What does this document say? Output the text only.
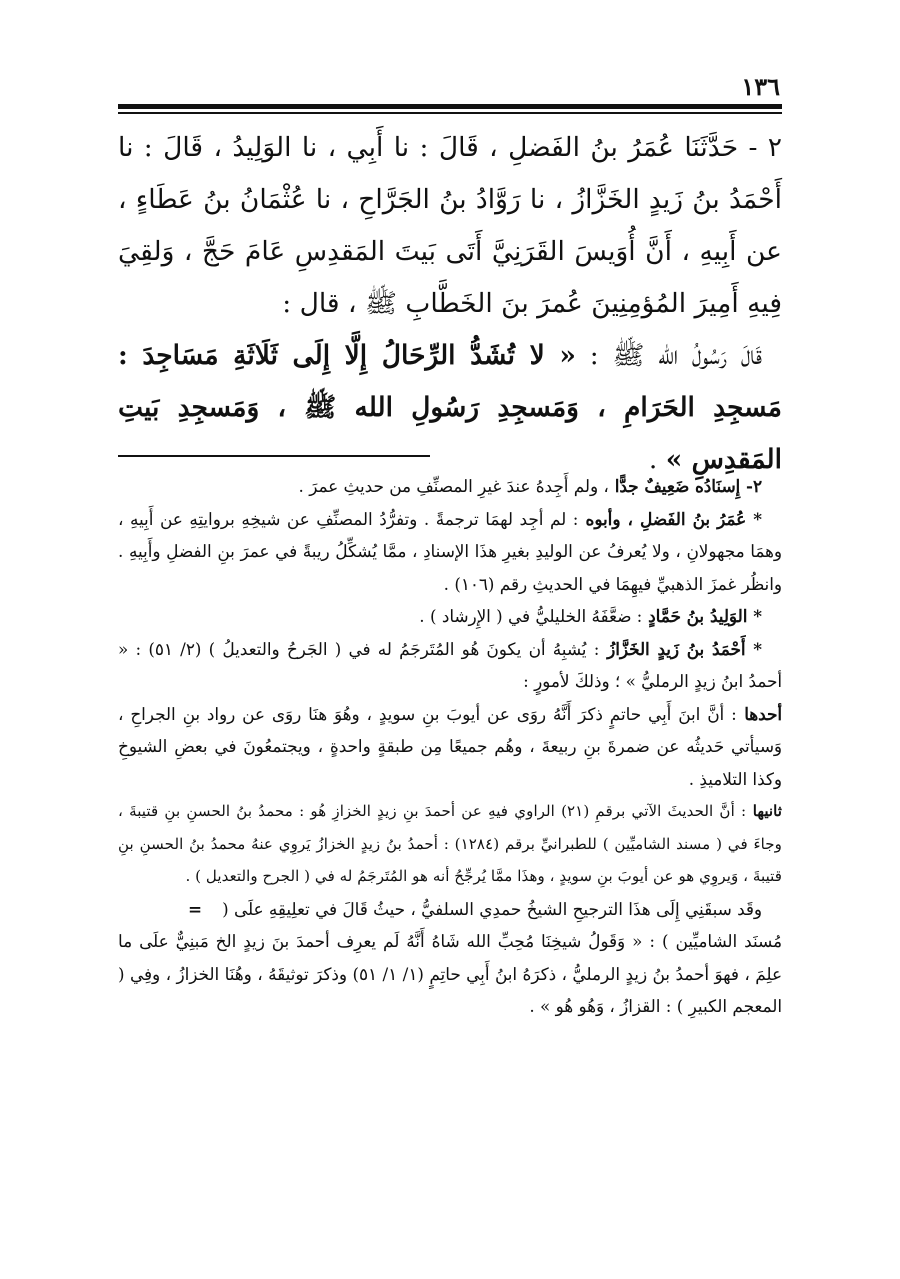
١٣٦

٢ - حَدَّثَنَا عُمَرُ بنُ الفَضلِ ، قَالَ : نا أَبِي ، نا الوَلِيدُ ، قَالَ : نا أَحْمَدُ بنُ زَيدٍ الخَزَّازُ ، نا رَوَّادُ بنُ الجَرَّاحِ ، نا عُثْمَانُ بنُ عَطَاءٍ ، عن أَبِيهِ ، أَنَّ أُوَيسَ القَرَنِيَّ أَتَى بَيتَ المَقدِسِ عَامَ حَجَّ ، وَلقِيَ فِيهِ أَمِيرَ المُؤمِنِينَ عُمرَ بنَ الخَطَّابِ ﷺ ، قال :

قَالَ رَسُولُ الله ﷺ : « لا تُشَدُّ الرِّحَالُ إِلَّا إِلَى ثَلَاثَةِ مَسَاجِدَ : مَسجِدِ الحَرَامِ ، وَمَسجِدِ رَسُولِ الله ﷺ ، وَمَسجِدِ بَيتِ المَقدِسِ » .

٢- إِسنَادُه ضَعِيفٌ جدًّا ، ولم أَجِدهُ عندَ غيرِ المصنِّفِ من حديثِ عمرَ .

* عُمَرُ بنُ الفَضلِ ، وأبوه : لم أجِد لهمَا ترجمةً . وتفرُّدُ المصنِّفِ عن شيخِهِ بروايتِهِ عن أَبِيهِ ، وهمَا مجهولانِ ، ولا يُعرفُ عن الوليدِ بغيرِ هذَا الإسنادِ ، ممَّا يُشكِّلُ ريبةً في عمرَ بنِ الفضلِ وأَبِيهِ . وانظُر غمزَ الذهبيِّ فيهِمَا في الحديثِ رقم (١٠٦) .

* الوَلِيدُ بنُ حَمَّادٍ : ضعَّفَهُ الخليليُّ في ( الإِرشاد ) .

* أَحْمَدُ بنُ زَيدٍ الخَزَّازُ : يُشبِهُ أن يكونَ هُو المُتَرجَمُ له في ( الجَرحُ والتعديلُ ) (٢/ ٥١) : « أحمدُ ابنُ زيدٍ الرمليُّ » ؛ وذلكَ لأمورٍ :

أحدها : أنَّ ابنَ أَبِي حاتمٍ ذكرَ أَنَّهُ روَى عن أيوبَ بنِ سويدٍ ، وهُوَ هنَا روَى عن رواد بنِ الجراحِ ، وَسيأتي حَديثُه عن ضمرةَ بنِ ربيعةَ ، وهُم جميعًا مِن طبقةٍ واحدةٍ ، ويجتمعُونَ في بعضِ الشيوخِ وكذا التلاميذِ .

ثانيها : أنَّ الحديثَ الآتي برقمِ (٢١) الراوي فيهِ عن أحمدَ بنِ زيدٍ الخزازِ هُو : محمدُ بنُ الحسنِ بنِ قتيبةَ ، وجاءَ في ( مسند الشاميِّين ) للطبرانيِّ برقم (١٢٨٤) : أحمدُ بنُ زيدٍ الخزازُ يَروِي عنهُ محمدُ بنُ الحسنِ بنِ قتيبةَ ، وَيروِي هو عن أيوبَ بنِ سويدٍ ، وهذَا ممَّا يُرجِّحُ أنه هو المُتَرجَمُ له في ( الجرح والتعديل ) .

=	وقَد سبقَنِي إِلَى هذَا الترجيحِ الشيخُ حمدِي السلفيُّ ، حيثُ قَالَ في تعلِيقِهِ علَى ( مُسنَد الشاميِّين ) : « وَقَولُ شيخِنَا مُحِبِّ الله شَاهُ أَنَّهُ لَم يعرِف أحمدَ بنَ زيدٍ الخ مَبنِيٌّ علَى ما علِمَ ، فهوَ أحمدُ بنُ زيدٍ الرمليُّ ، ذكرَهُ ابنُ أَبِي حاتِمٍ (١/ ١/ ٥١) وذكرَ توثيقَهُ ، وهُنَا الخزازُ ، وفِي ( المعجم الكبيرِ ) : القزازُ ، وَهُو هُو » .
